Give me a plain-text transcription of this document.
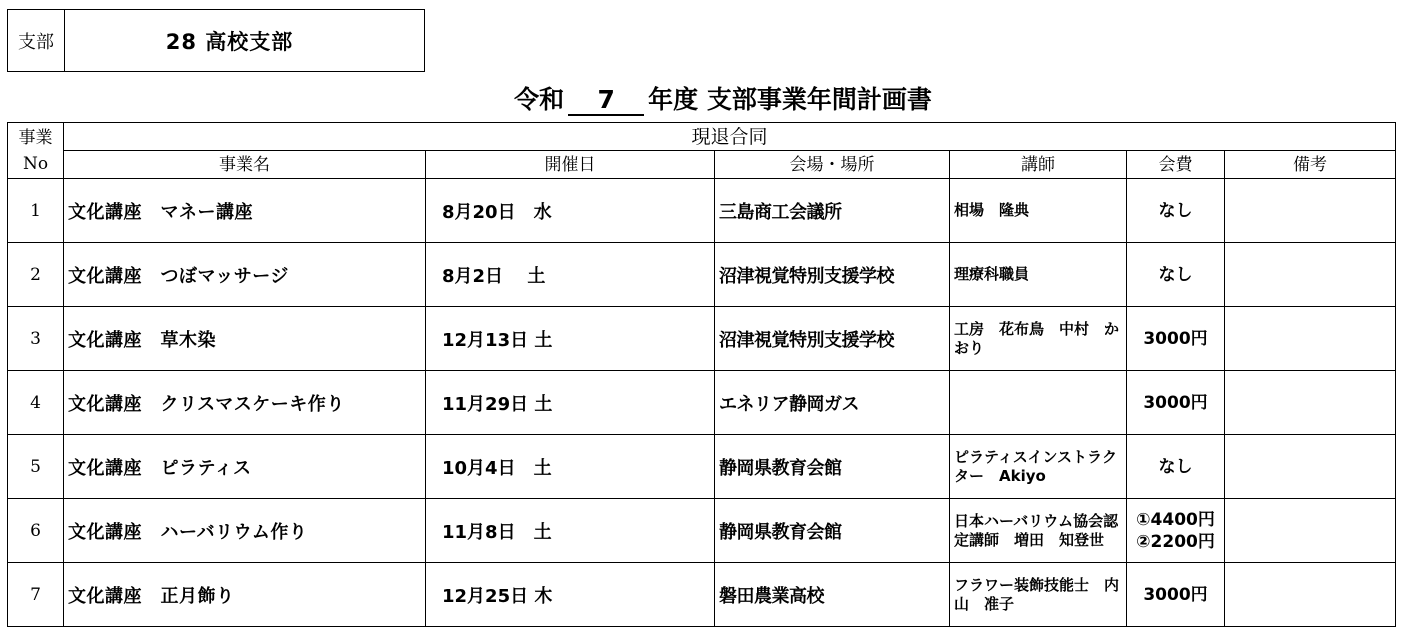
支部	28 高校支部
令和 7 年度 支部事業年間計画書
事業
No	現退合同					
	事業名	開催日	会場・場所	講師	会費	備考
1	文化講座　マネー講座	8月20日　水	三島商工会議所	相場　隆典	なし	
2	文化講座　つぼマッサージ	8月2日　 土	沼津視覚特別支援学校	理療科職員	なし	
3	文化講座　草木染	12月13日 土	沼津視覚特別支援学校	工房　花布鳥　中村　かおり	3000円	
4	文化講座　クリスマスケーキ作り	11月29日 土	エネリア静岡ガス		3000円	
5	文化講座　ピラティス	10月4日　土	静岡県教育会館	ピラティスインストラクター　Akiyo	なし	
6	文化講座　ハーバリウム作り	11月8日　土	静岡県教育会館	日本ハーバリウム協会認定講師　増田　知登世	①4400円
②2200円	
7	文化講座　正月飾り	12月25日 木	磐田農業高校	フラワー装飾技能士　内山　准子	3000円	
